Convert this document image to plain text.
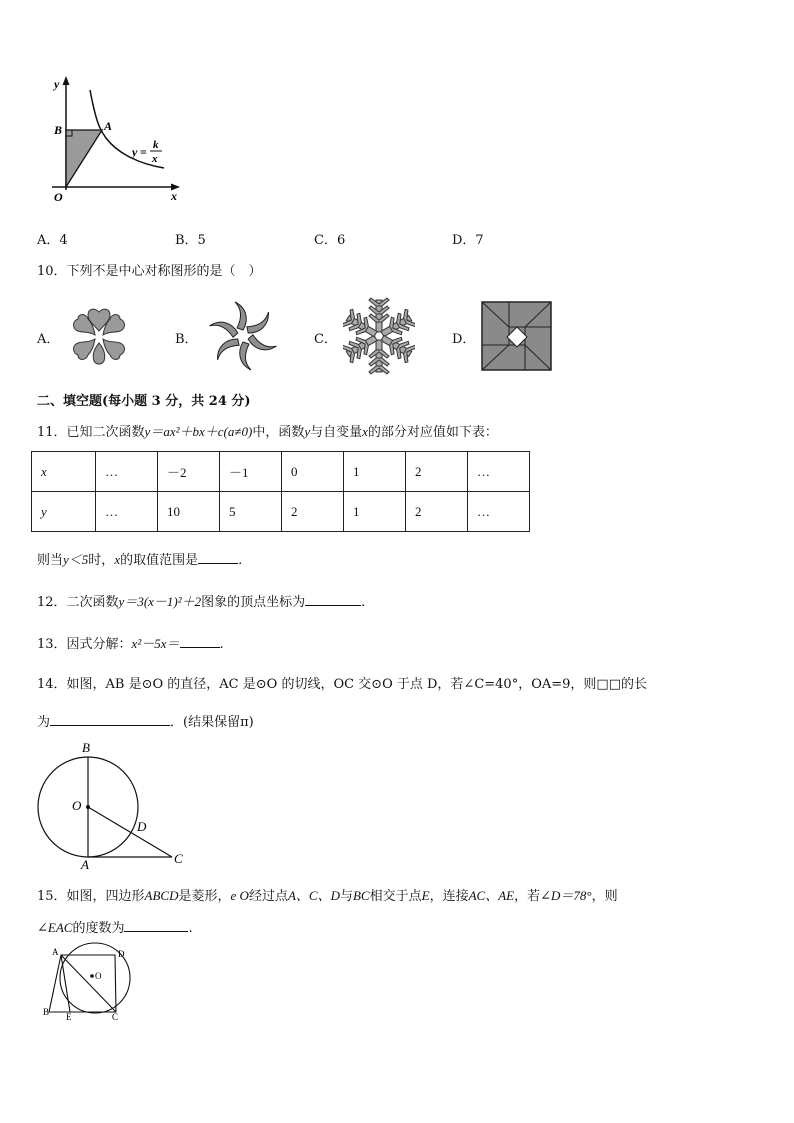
y
x
O
B	A
y = k
x
A．4	B．5	C．6	D．7
10．下列不是中心对称图形的是（　）
A．	B．	C．	D．
二、填空题(每小题 3 分，共 24 分)
11．已知二次函数y＝ax²＋bx＋c(a≠0)中，函数y与自变量x的部分对应值如下表：
x	…	－2	－1	0	1	2	…
y	…	10	5	2	1	2	…
则当y＜5时，x的取值范围是	.
12．二次函数y＝3(x－1)²＋2图象的顶点坐标为	.
13．因式分解：x²－5x＝	.
14．如图，AB 是⊙O 的直径，AC 是⊙O 的切线，OC 交⊙O 于点 D，若∠C=40°，OA=9，则□□的长
为	．(结果保留π)
B
O
D
A	C
15．如图，四边形ABCD是菱形，e O经过点A、C、D与BC相交于点E，连接AC、AE，若∠D＝78°，则
∠EAC的度数为	.
A	D
O
B E	C
